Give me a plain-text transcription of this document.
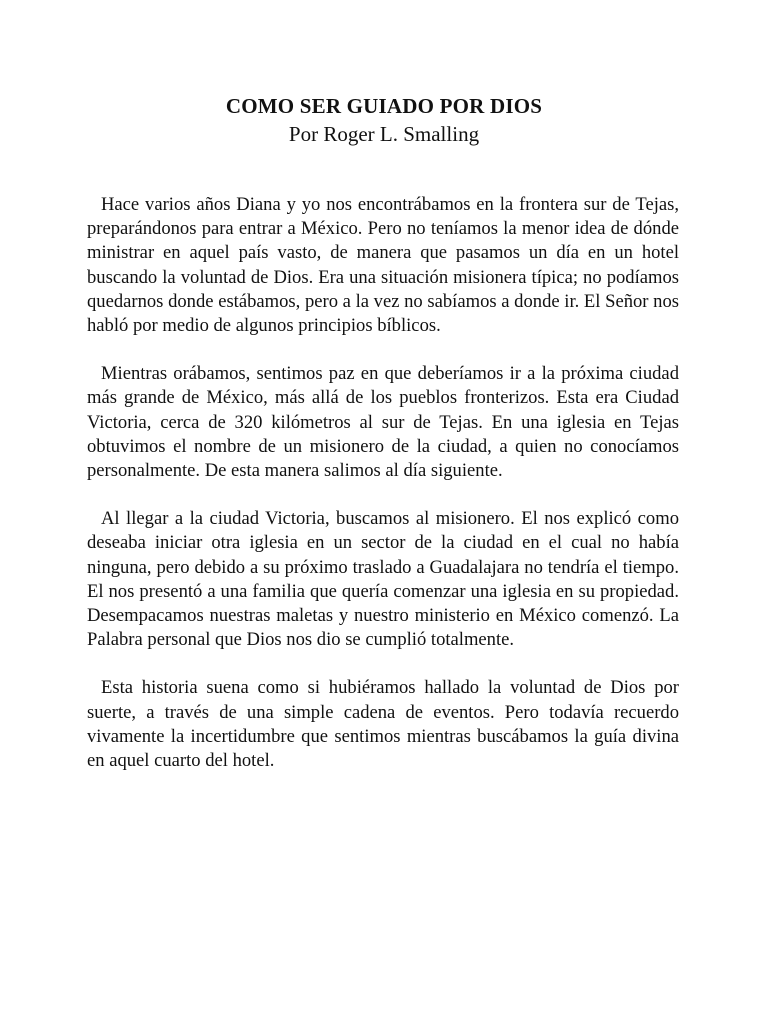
COMO SER GUIADO POR DIOS
Por Roger L. Smalling

Hace varios años Diana y yo nos encontrábamos en la frontera sur de Tejas, preparándonos para entrar a México. Pero no teníamos la menor idea de dónde ministrar en aquel país vasto, de manera que pasamos un día en un hotel buscando la voluntad de Dios. Era una situación misionera típica; no podíamos quedarnos donde estábamos, pero a la vez no sabíamos a donde ir. El Señor nos habló por medio de algunos principios bíblicos.

Mientras orábamos, sentimos paz en que deberíamos ir a la próxima ciudad más grande de México, más allá de los pueblos fronterizos. Esta era Ciudad Victoria, cerca de 320 kilómetros al sur de Tejas. En una iglesia en Tejas obtuvimos el nombre de un misionero de la ciudad, a quien no conocíamos personalmente. De esta manera salimos al día siguiente.

Al llegar a la ciudad Victoria, buscamos al misionero. El nos explicó como deseaba iniciar otra iglesia en un sector de la ciudad en el cual no había ninguna, pero debido a su próximo traslado a Guadalajara no tendría el tiempo. El nos presentó a una familia que quería comenzar una iglesia en su propiedad. Desempacamos nuestras maletas y nuestro ministerio en México comenzó. La Palabra personal que Dios nos dio se cumplió totalmente.

Esta historia suena como si hubiéramos hallado la voluntad de Dios por suerte, a través de una simple cadena de eventos. Pero todavía recuerdo vivamente la incertidumbre que sentimos mientras buscábamos la guía divina en aquel cuarto del hotel.
